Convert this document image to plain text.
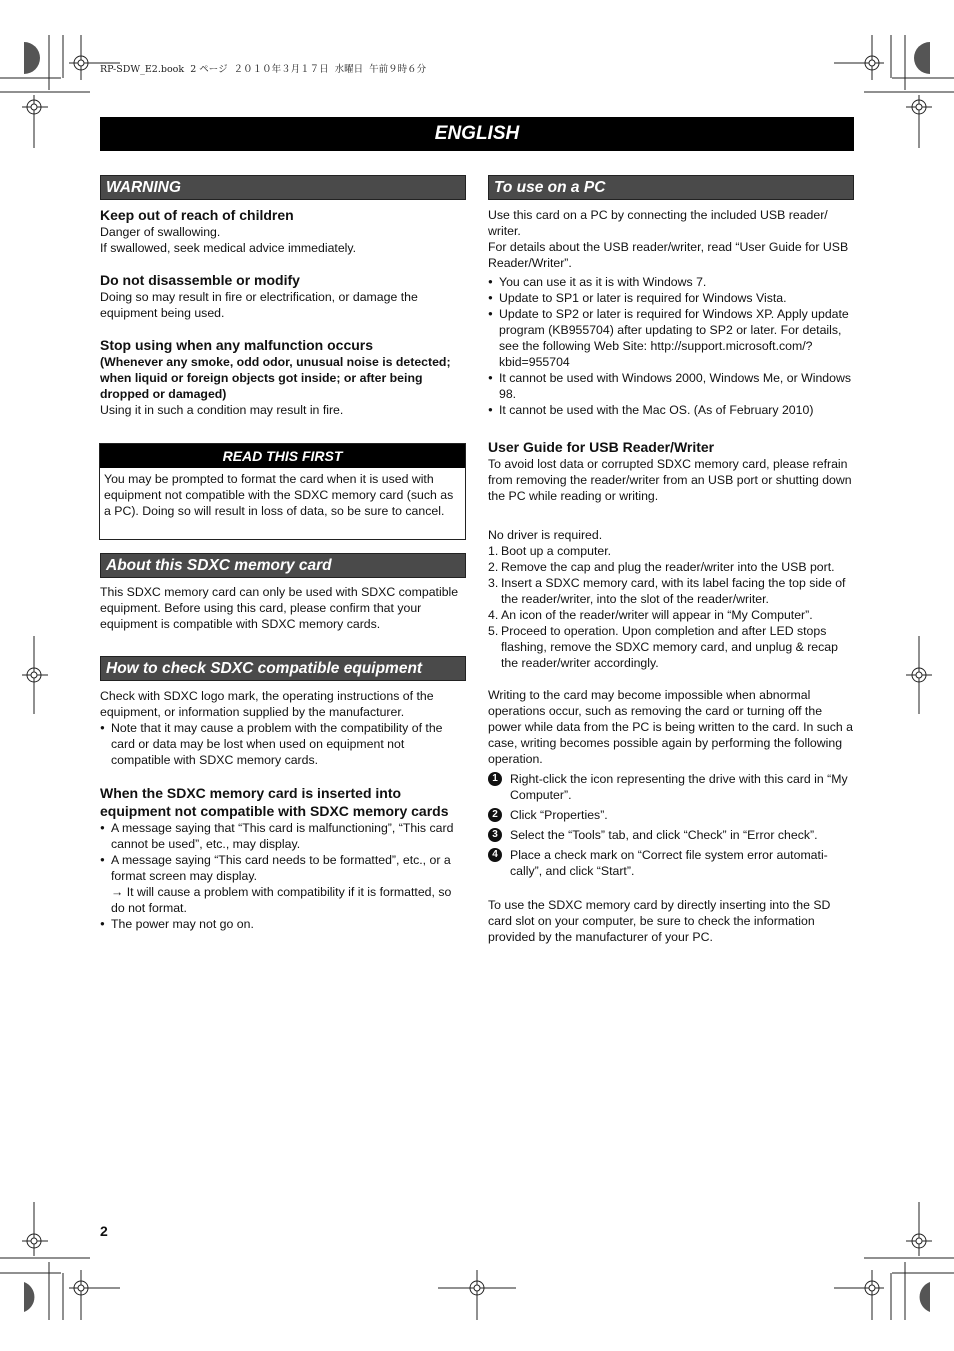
RP-SDW_E2.book  2 ページ  ２０１０年３月１７日  水曜日  午前９時６分
ENGLISH
WARNING

Keep out of reach of children

Danger of swallowing.

If swallowed, seek medical advice immediately.

Do not disassemble or modify

Doing so may result in fire or electrification, or damage the equipment being used.

Stop using when any malfunction occurs

(Whenever any smoke, odd odor, unusual noise is detected; when liquid or foreign objects got inside; or after being dropped or damaged)

Using it in such a condition may result in fire.

READ THIS FIRST

You may be prompted to format the card when it is used with equipment not compatible with the SDXC memory card (such as a PC). Doing so will result in loss of data, so be sure to cancel.

About this SDXC memory card

This SDXC memory card can only be used with SDXC compatible equipment. Before using this card, please confirm that your equipment is compatible with SDXC memory cards.

How to check SDXC compatible equipment

Check with SDXC logo mark, the operating instructions of the equipment, or information supplied by the manufacturer.

● Note that it may cause a problem with the compatibility of the card or data may be lost when used on equipment not compatible with SDXC memory cards.

When the SDXC memory card is inserted into equipment not compatible with SDXC memory cards

● A message saying that “This card is malfunctioning”, “This card cannot be used”, etc., may display.

● A message saying “This card needs to be formatted”, etc., or a format screen may display.

→ It will cause a problem with compatibility if it is formatted, so do not format.

● The power may not go on.

To use on a PC

Use this card on a PC by connecting the included USB reader/ writer.

For details about the USB reader/writer, read “User Guide for USB Reader/Writer”.

● You can use it as it is with Windows 7.

● Update to SP1 or later is required for Windows Vista.

● Update to SP2 or later is required for Windows XP. Apply update program (KB955704) after updating to SP2 or later. For details, see the following Web Site: http://support.microsoft.com/?kbid=955704

● It cannot be used with Windows 2000, Windows Me, or Windows 98.

● It cannot be used with the Mac OS. (As of February 2010)

User Guide for USB Reader/Writer

To avoid lost data or corrupted SDXC memory card, please refrain from removing the reader/writer from an USB port or shutting down the PC while reading or writing.

No driver is required.

1. Boot up a computer.

2. Remove the cap and plug the reader/writer into the USB port.

3. Insert a SDXC memory card, with its label facing the top side of the reader/writer, into the slot of the reader/writer.

4. An icon of the reader/writer will appear in “My Computer”.

5. Proceed to operation. Upon completion and after LED stops flashing, remove the SDXC memory card, and unplug & recap the reader/writer accordingly.

Writing to the card may become impossible when abnormal operations occur, such as removing the card or turning off the power while data from the PC is being written to the card. In such a case, writing becomes possible again by performing the following operation.

1 Right-click the icon representing the drive with this card in “My Computer”.

2 Click “Properties”.

3 Select the “Tools” tab, and click “Check” in “Error check”.

4 Place a check mark on “Correct file system error automati- cally”, and click “Start”.

To use the SDXC memory card by directly inserting into the SD card slot on your computer, be sure to check the information provided by the manufacturer of your PC.

2
